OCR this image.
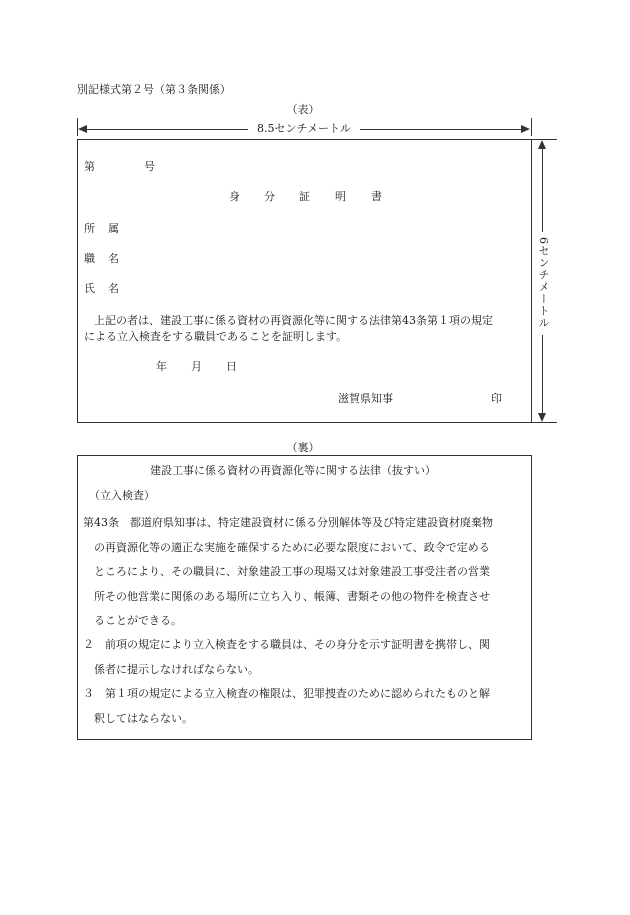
別記様式第２号（第３条関係）
（表）
8.5センチメートル
6センチメートル
第	号
身 分 証 明 書
所 属
職 名
氏 名
上記の者は、建設工事に係る資材の再資源化等に関する法律第43条第１項の規定
による立入検査をする職員であることを証明します。
年 月 日
滋賀県知事	印
（裏）
建設工事に係る資材の再資源化等に関する法律（抜すい）
（立入検査）
第43条　都道府県知事は、特定建設資材に係る分別解体等及び特定建設資材廃棄物
の再資源化等の適正な実施を確保するために必要な限度において、政令で定める
ところにより、その職員に、対象建設工事の現場又は対象建設工事受注者の営業
所その他営業に関係のある場所に立ち入り、帳簿、書類その他の物件を検査させ
ることができる。
２　前項の規定により立入検査をする職員は、その身分を示す証明書を携帯し、関
係者に提示しなければならない。
３　第１項の規定による立入検査の権限は、犯罪捜査のために認められたものと解
釈してはならない。
